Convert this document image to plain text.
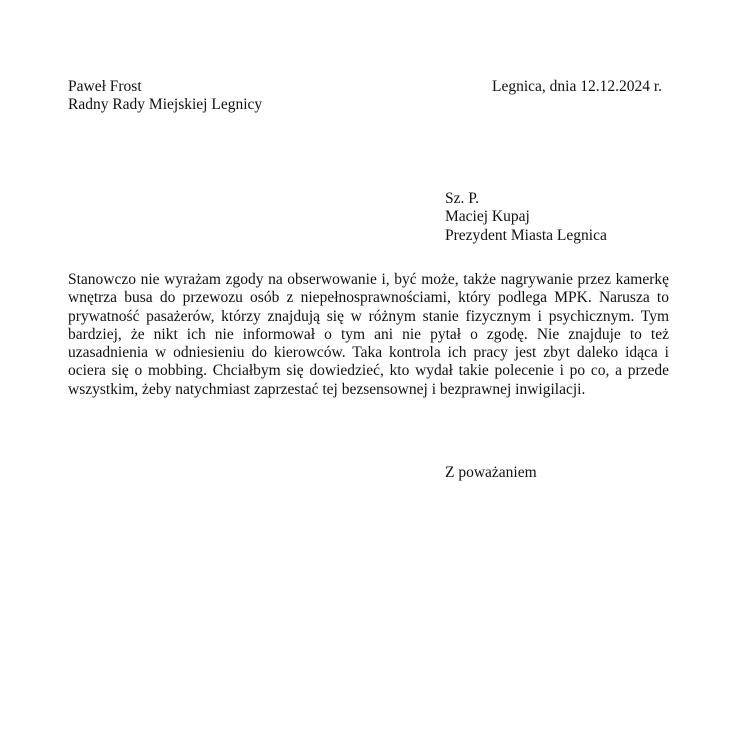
Paweł Frost
Radny Rady Miejskiej Legnicy
Legnica, dnia 12.12.2024 r.
Sz. P.
Maciej Kupaj
Prezydent Miasta Legnica

Stanowczo nie wyrażam zgody na obserwowanie i, być może, także nagrywanie przez kamerkę wnętrza busa do przewozu osób z niepełnosprawnościami, który podlega MPK. Narusza to prywatność pasażerów, którzy znajdują się w różnym stanie fizycznym i psychicznym. Tym bardziej, że nikt ich nie informował o tym ani nie pytał o zgodę. Nie znajduje to też uzasadnienia w odniesieniu do kierowców. Taka kontrola ich pracy jest zbyt daleko idąca i ociera się o mobbing. Chciałbym się dowiedzieć, kto wydał takie polecenie i po co, a przede wszystkim, żeby natychmiast zaprzestać tej bezsensownej i bezprawnej inwigilacji.

Z poważaniem
